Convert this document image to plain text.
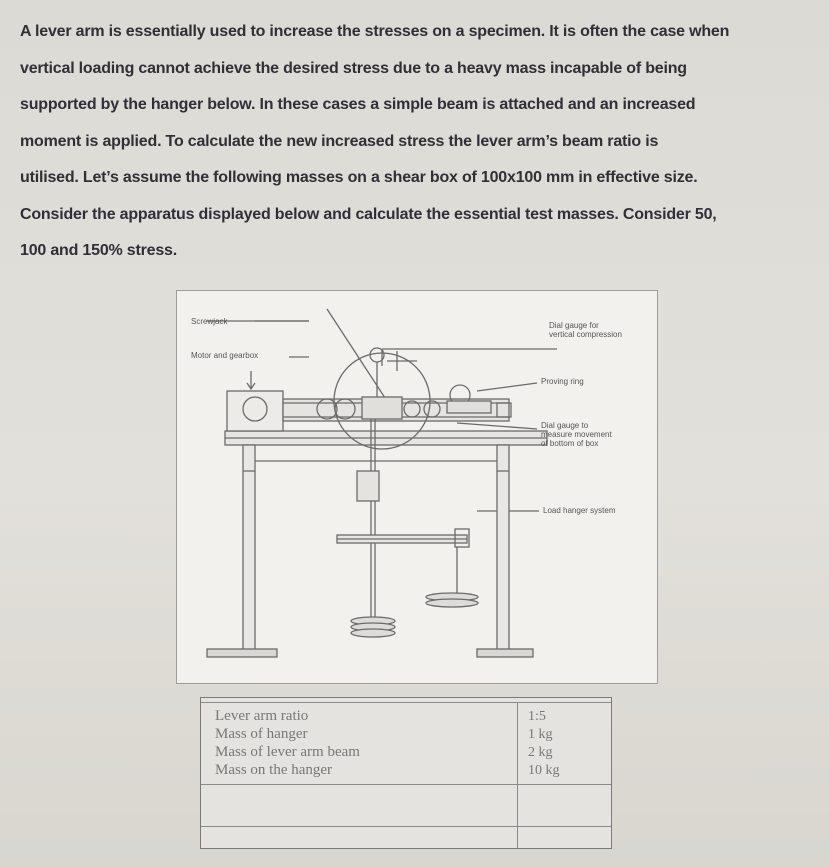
A lever arm is essentially used to increase the stresses on a specimen. It is often the case when
vertical loading cannot achieve the desired stress due to a heavy mass incapable of being
supported by the hanger below. In these cases a simple beam is attached and an increased
moment is applied. To calculate the new increased stress the lever arm’s beam ratio is
utilised. Let’s assume the following masses on a shear box of 100x100 mm in effective size.
Consider the apparatus displayed below and calculate the essential test masses. Consider 50,
100 and 150% stress.
Screwjack
Motor and gearbox
Dial gauge for
vertical compression
Proving ring
Dial gauge to
measure movement
of bottom of box
Load hanger system
Lever arm ratio	1:5
Mass of hanger	1 kg
Mass of lever arm beam	2 kg
Mass on the hanger	10 kg
